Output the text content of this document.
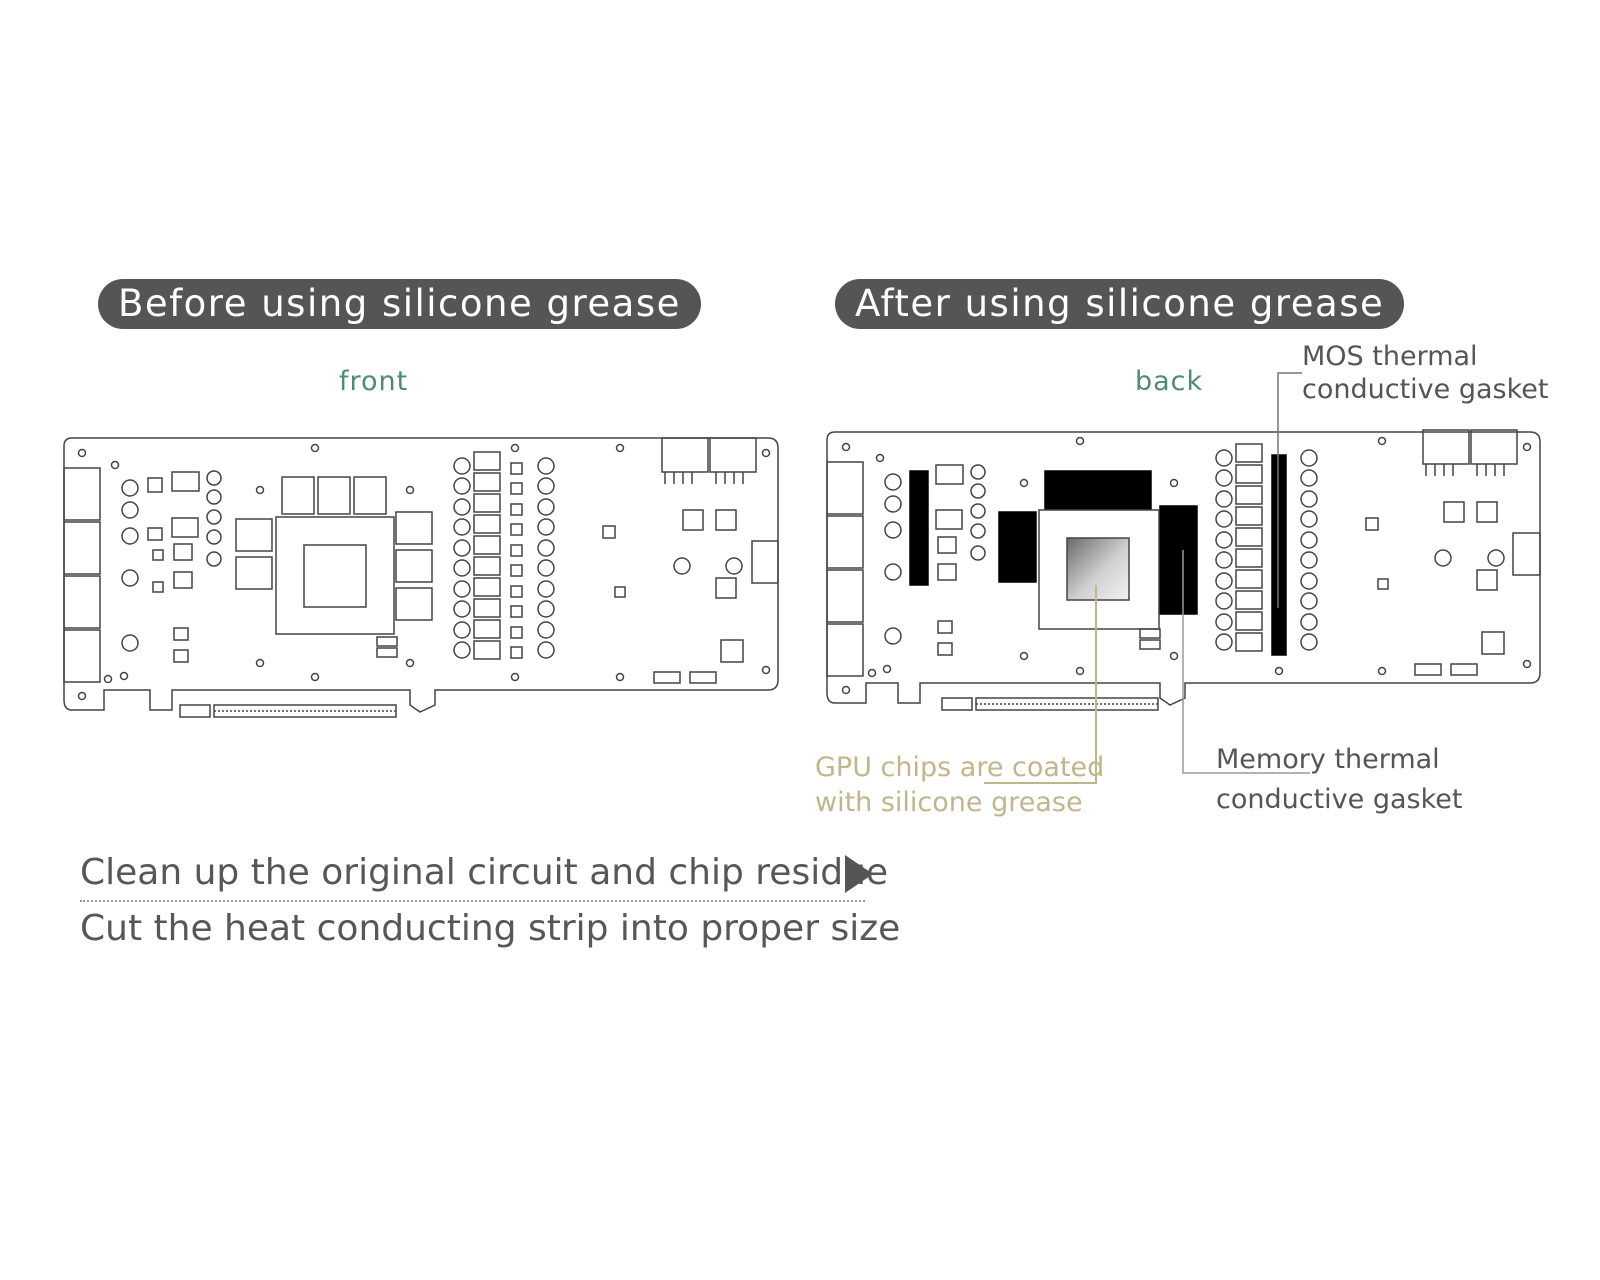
Before using silicone grease	After using silicone grease
front	back
MOS thermal
conductive gasket
GPU chips are coated
with silicone grease
Memory thermal
conductive gasket
Clean up the original circuit and chip residue
Cut the heat conducting strip into proper size
